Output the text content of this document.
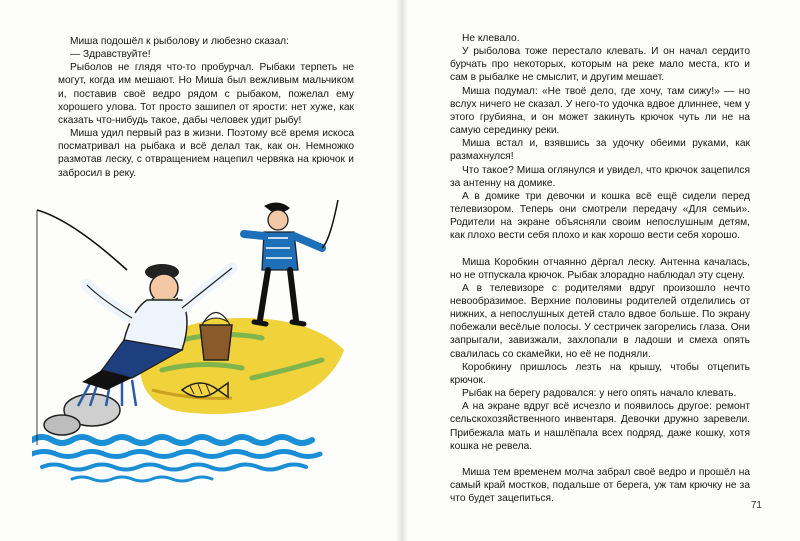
Миша подошёл к рыболову и любезно сказал:

— Здравствуйте!

Рыболов не глядя что-то пробурчал. Рыбаки терпеть не могут, когда им мешают. Но Миша был вежливым мальчиком и, поставив своё ведро рядом с рыбаком, пожелал ему хорошего улова. Тот просто зашипел от ярости: нет хуже, как сказать что-нибудь такое, дабы человек удит рыбу!

Миша удил первый раз в жизни. Поэтому всё время искоса посматривал на рыбака и всё делал так, как он. Немножко размотав леску, с отвращением нацепил червяка на крючок и забросил в реку.

Не клевало.

У рыболова тоже перестало клевать. И он начал сердито бурчать про некоторых, которым на реке мало места, кто и сам в рыбалке не смыслит, и другим мешает.

Миша подумал: «Не твоё дело, где хочу, там сижу!» — но вслух ничего не сказал. У него-то удочка вдвое длиннее, чем у этого грубияна, и он может закинуть крючок чуть ли не на самую серединку реки.

Миша встал и, взявшись за удочку обеими руками, как размахнулся!

Что такое? Миша оглянулся и увидел, что крючок зацепился за антенну на домике.

А в домике три девочки и кошка всё ещё сидели перед телевизором. Теперь они смотрели передачу «Для семьи». Родители на экране объясняли своим непослушным детям, как плохо вести себя плохо и как хорошо вести себя хорошо.

Миша Коробкин отчаянно дёргал леску. Антенна качалась, но не отпускала крючок. Рыбак злорадно наблюдал эту сцену.

А в телевизоре с родителями вдруг произошло нечто невообразимое. Верхние половины родителей отделились от нижних, а непослушных детей стало вдвое больше. По экрану побежали весёлые полосы. У сестричек загорелись глаза. Они запрыгали, завизжали, захлопали в ладоши и смеха опять свалилась со скамейки, но её не подняли.

Коробкину пришлось лезть на крышу, чтобы отцепить крючок.

Рыбак на берегу радовался: у него опять начало клевать.

А на экране вдруг всё исчезло и появилось другое: ремонт сельскохозяйственного инвентаря. Девочки дружно заревели. Прибежала мать и нашлёпала всех подряд, даже кошку, хотя кошка не ревела.

Миша тем временем молча забрал своё ведро и прошёл на самый край мостков, подальше от берега, уж там крючку не за что будет зацепиться.

71
